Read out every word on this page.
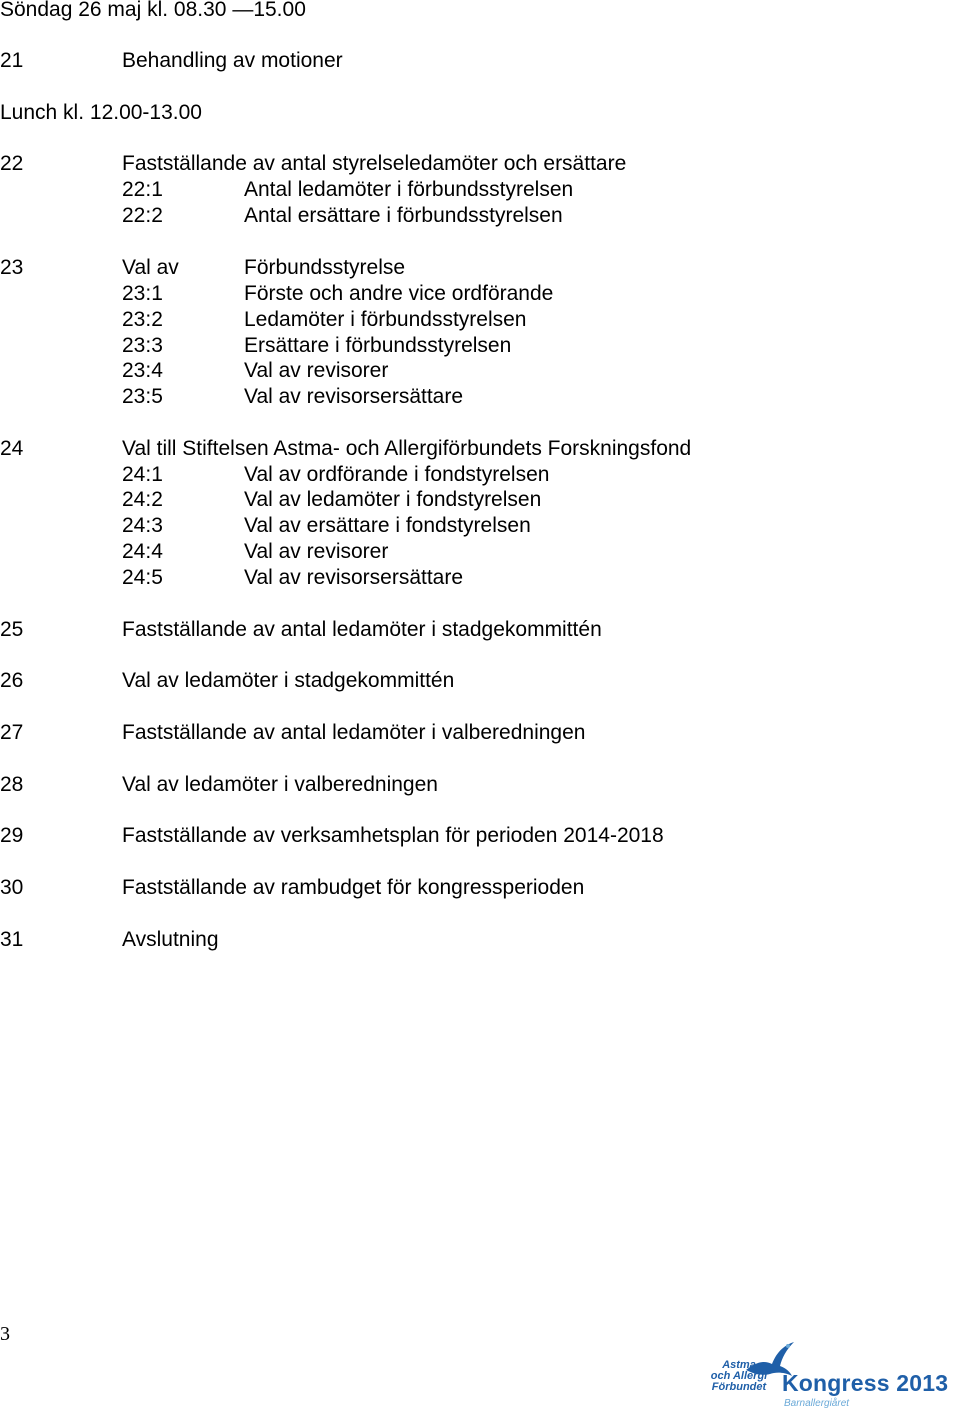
Söndag 26 maj kl. 08.30 —15.00
21	Behandling av motioner
Lunch kl. 12.00-13.00
22	Fastställande av antal styrelseledamöter och ersättare
22:1	Antal ledamöter i förbundsstyrelsen
22:2	Antal ersättare i förbundsstyrelsen
23	Val av	Förbundsstyrelse
23:1	Förste och andre vice ordförande
23:2	Ledamöter i förbundsstyrelsen
23:3	Ersättare i förbundsstyrelsen
23:4	Val av revisorer
23:5	Val av revisorsersättare
24	Val till Stiftelsen Astma- och Allergiförbundets Forskningsfond
24:1	Val av ordförande i fondstyrelsen
24:2	Val av ledamöter i fondstyrelsen
24:3	Val av ersättare i fondstyrelsen
24:4	Val av revisorer
24:5	Val av revisorsersättare
25	Fastställande av antal ledamöter i stadgekommittén
26	Val av ledamöter i stadgekommittén
27	Fastställande av antal ledamöter i valberedningen
28	Val av ledamöter i valberedningen
29	Fastställande av verksamhetsplan för perioden 2014-2018
30	Fastställande av rambudget för kongressperioden
31	Avslutning
3
Astma
och Allergi
Förbundet Kongress 2013
Barnallergiåret
